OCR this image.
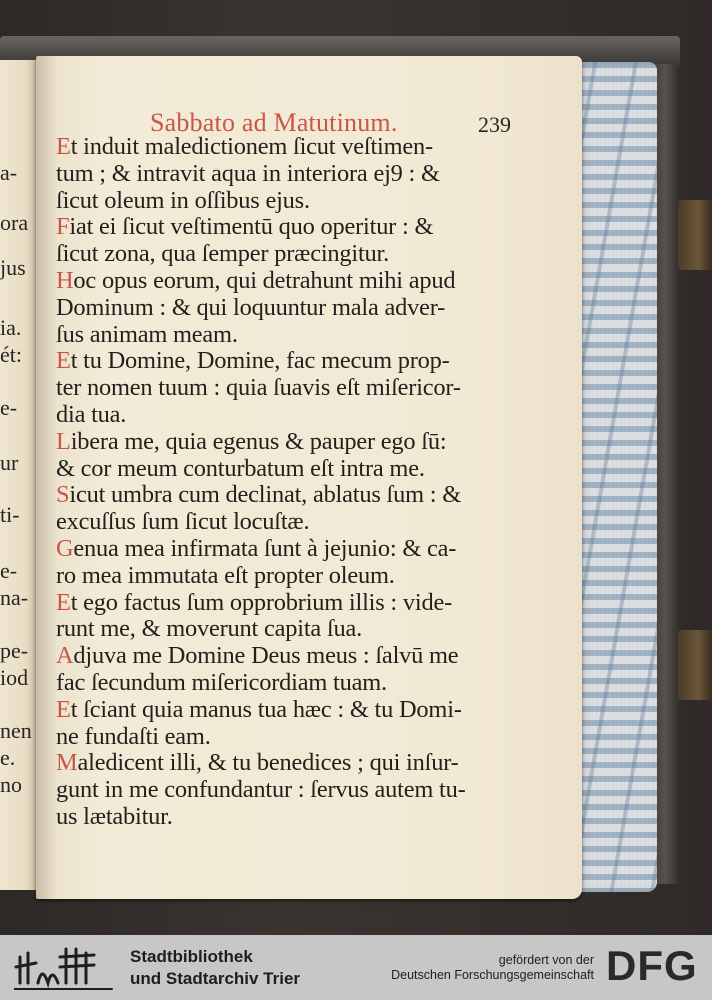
a-
ora
jus
ia.
ét:
e-
ur
ti-
e-
na-
pe-
iod
nen
e.
no
Sabbato ad Matutinum.	239
Et induit maledictionem ſicut veſtimen-
tum ; & intravit aqua in interiora ej9 : &
ſicut oleum in oſſibus ejus.
Fiat ei ſicut veſtimentū quo operitur : &
ſicut zona, qua ſemper præcingitur.
Hoc opus eorum, qui detrahunt mihi apud
Dominum : & qui loquuntur mala adver-
ſus animam meam.
Et tu Domine, Domine, fac mecum prop-
ter nomen tuum : quia ſuavis eſt miſericor-
dia tua.
Libera me, quia egenus & pauper ego ſū:
& cor meum conturbatum eſt intra me.
Sicut umbra cum declinat, ablatus ſum : &
excuſſus ſum ſicut locuſtæ.
Genua mea infirmata ſunt à jejunio: & ca-
ro mea immutata eſt propter oleum.
Et ego factus ſum opprobrium illis : vide-
runt me, & moverunt capita ſua.
Adjuva me Domine Deus meus : ſalvū me
fac ſecundum miſericordiam tuam.
Et ſciant quia manus tua hæc : & tu Domi-
ne fundaſti eam.
Maledicent illi, & tu benedices ; qui inſur-
gunt in me confundantur : ſervus autem tu-
us lætabitur.
Stadtbibliothek
und Stadtarchiv Trier
gefördert von der
Deutschen Forschungsgemeinschaft DFG
